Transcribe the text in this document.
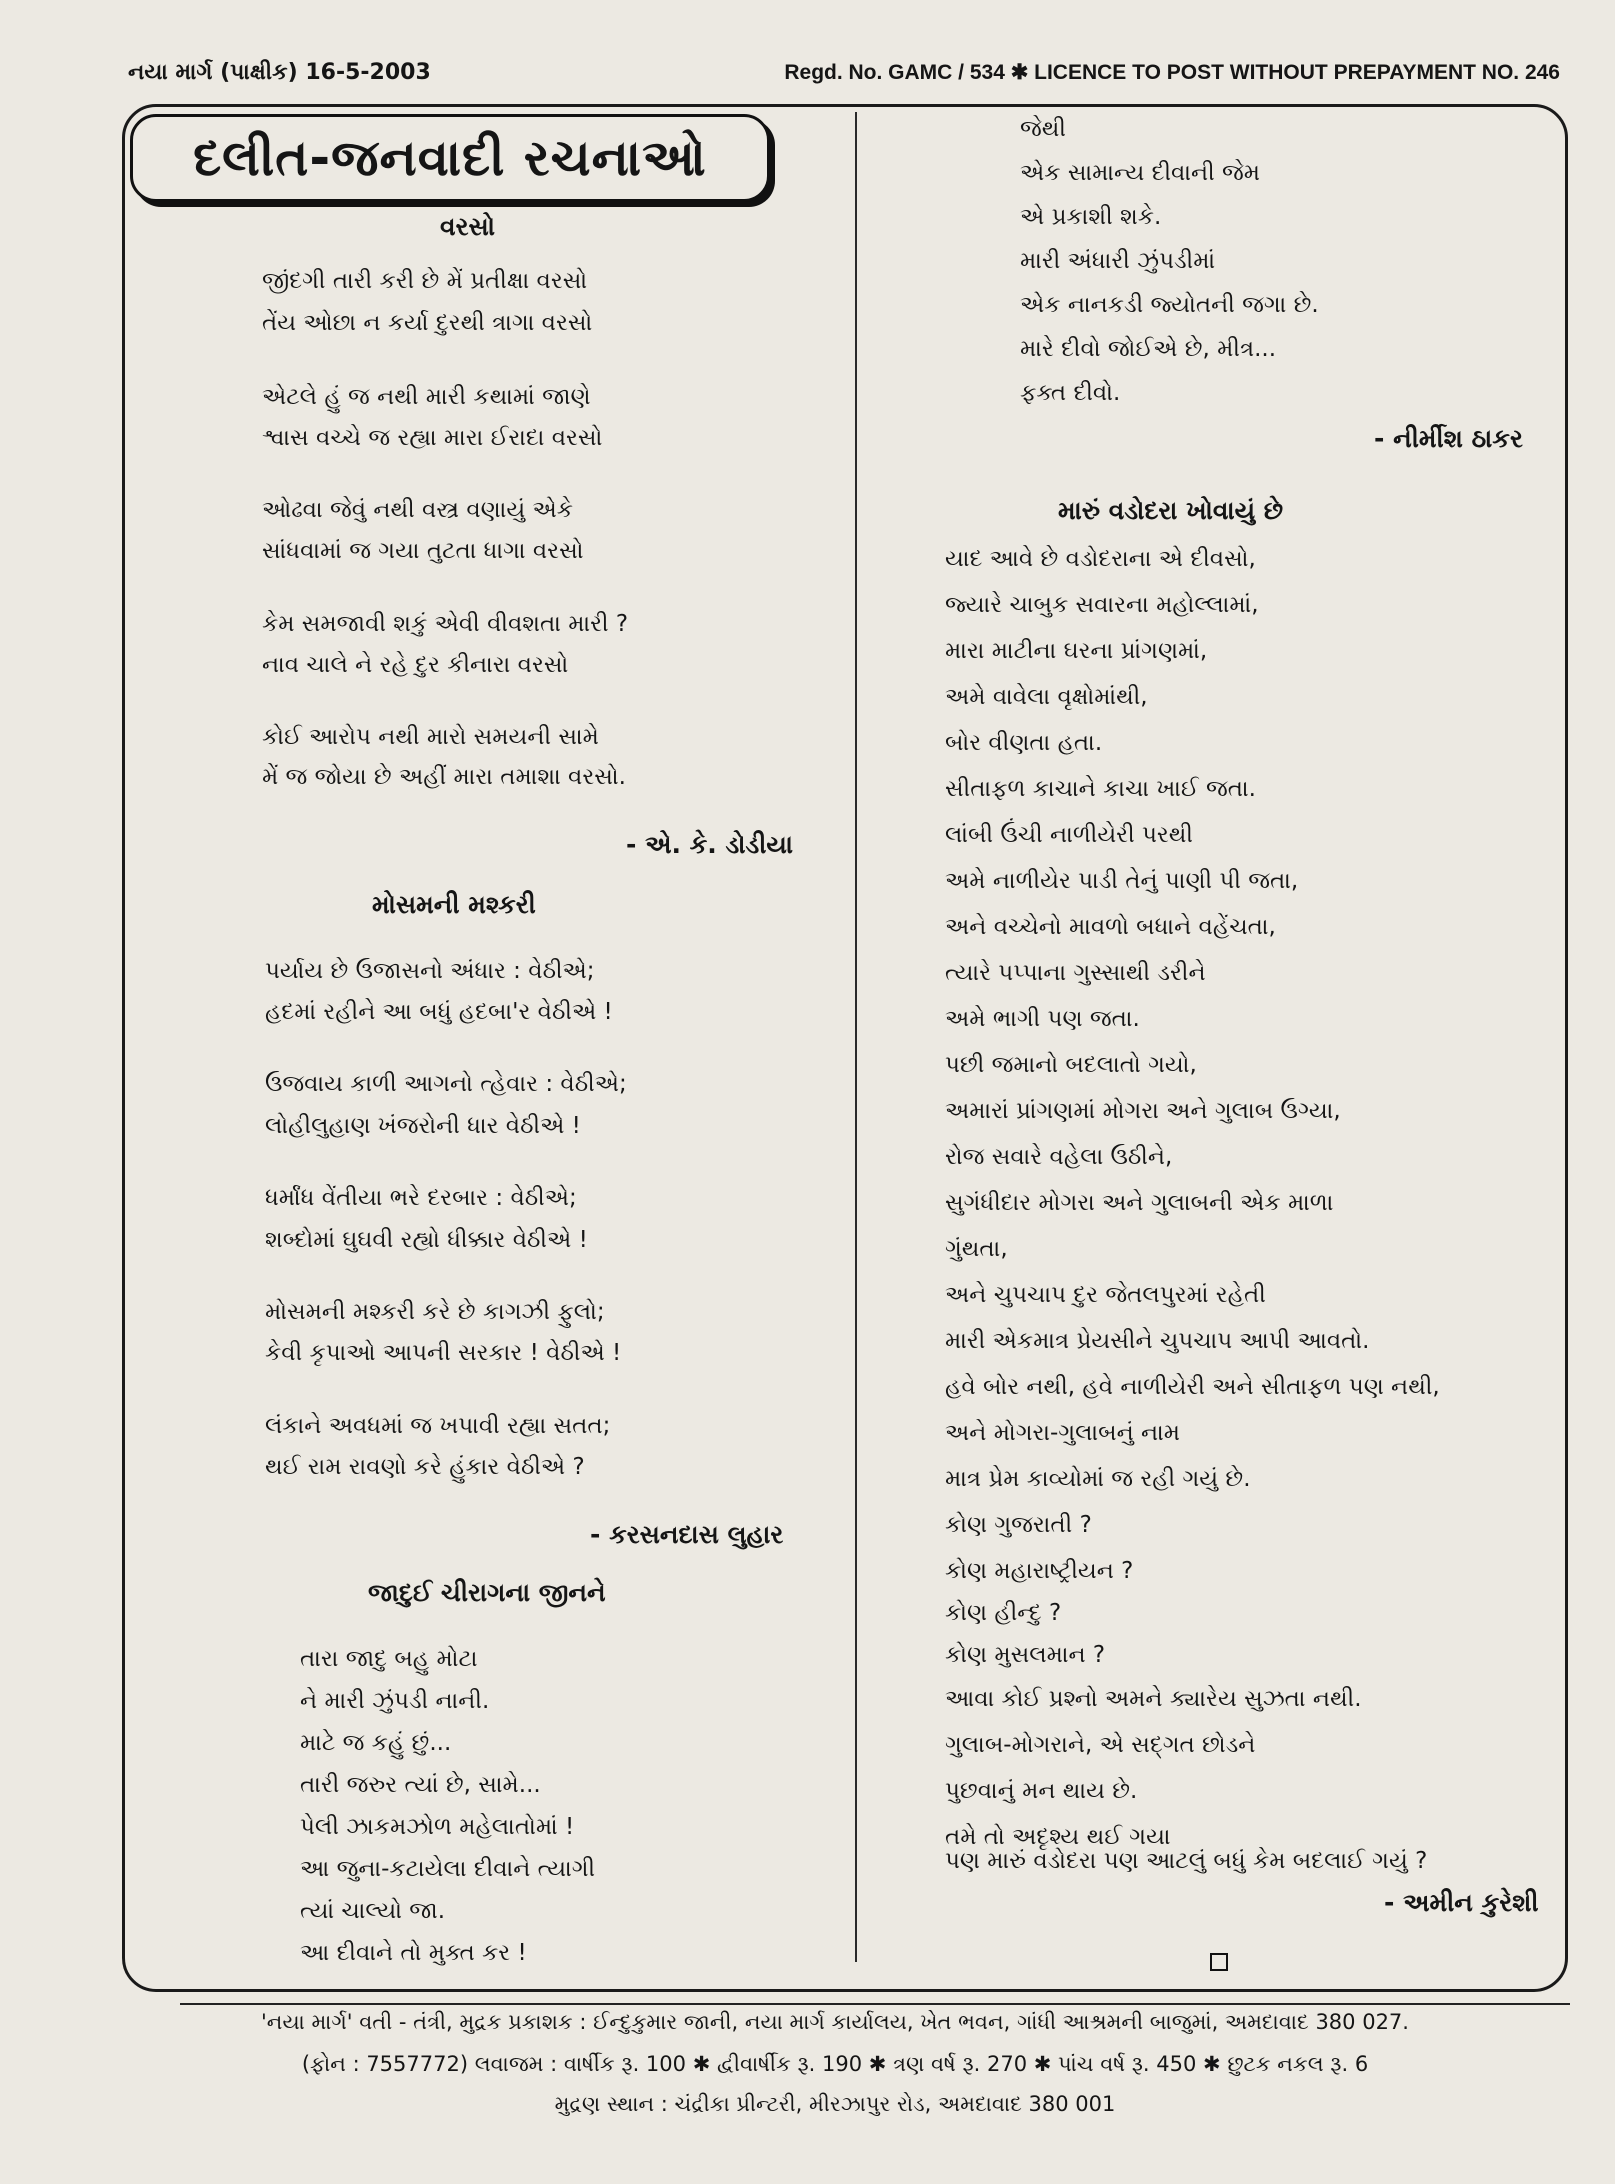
નયા માર્ગ (પાક્ષીક) 16-5-2003	Regd. No. GAMC / 534 ✱ LICENCE TO POST WITHOUT PREPAYMENT NO. 246
દલીત-જનવાદી રચનાઓ
વરસો
જીંદગી તારી કરી છે મેં પ્રતીક્ષા વરસો
તેંય ઓછા ન કર્યા દુરથી ત્રાગા વરસો
એટલે હું જ નથી મારી કથામાં જાણે
શ્વાસ વચ્ચે જ રહ્યા મારા ઈરાદા વરસો
ઓઢવા જેવું નથી વસ્ત્ર વણાયું એકે
સાંધવામાં જ ગયા તુટતા ધાગા વરસો
કેમ સમજાવી શકું એવી વીવશતા મારી ?
નાવ ચાલે ને રહે દુર કીનારા વરસો
કોઈ આરોપ નથી મારો સમયની સામે
મેં જ જોયા છે અહીં મારા તમાશા વરસો.
- એ. કે. ડોડીયા
મોસમની મશ્કરી
પર્યાય છે ઉજાસનો અંધાર : વેઠીએ;
હદમાં રહીને આ બધું હદબા'ર વેઠીએ !
ઉજવાય કાળી આગનો ત્હેવાર : વેઠીએ;
લોહીલુહાણ ખંજરોની ધાર વેઠીએ !
ધર્માંધ વેંતીયા ભરે દરબાર : વેઠીએ;
શબ્દોમાં ઘુઘવી રહ્યો ધીક્કાર વેઠીએ !
મોસમની મશ્કરી કરે છે કાગઝી ફુલો;
કેવી કૃપાઓ આપની સરકાર ! વેઠીએ !
લંકાને અવધમાં જ ખપાવી રહ્યા સતત;
થઈ રામ રાવણો કરે હુંકાર વેઠીએ ?
- કરસનદાસ લુહાર
જાદુઈ ચીરાગના જીનને
તારા જાદુ બહુ મોટા
ને મારી ઝુંપડી નાની.
માટે જ કહું છું...
તારી જરુર ત્યાં છે, સામે...
પેલી ઝાકમઝોળ મહેલાતોમાં !
આ જુના-કટાયેલા દીવાને ત્યાગી
ત્યાં ચાલ્યો જા.
આ દીવાને તો મુક્ત કર !
જેથી
એક સામાન્ય દીવાની જેમ
એ પ્રકાશી શકે.
મારી અંધારી ઝુંપડીમાં
એક નાનકડી જ્યોતની જગા છે.
મારે દીવો જોઈએ છે, મીત્ર...
ફક્ત દીવો.
- નીર્મીશ ઠાકર
મારું વડોદરા ખોવાયું છે
યાદ આવે છે વડોદરાના એ દીવસો,
જ્યારે ચાબુક સવારના મહોલ્લામાં,
મારા માટીના ઘરના પ્રાંગણમાં,
અમે વાવેલા વૃક્ષોમાંથી,
બોર વીણતા હતા.
સીતાફળ કાચાને કાચા ખાઈ જતા.
લાંબી ઉંચી નાળીયેરી પરથી
અમે નાળીયેર પાડી તેનું પાણી પી જતા,
અને વચ્ચેનો માવળો બધાને વહેંચતા,
ત્યારે પપ્પાના ગુસ્સાથી ડરીને
અમે ભાગી પણ જતા.
પછી જમાનો બદલાતો ગયો,
અમારાં પ્રાંગણમાં મોગરા અને ગુલાબ ઉગ્યા,
રોજ સવારે વહેલા ઉઠીને,
સુગંધીદાર મોગરા અને ગુલાબની એક માળા
ગુંથતા,
અને ચુપચાપ દુર જેતલપુરમાં રહેતી
મારી એકમાત્ર પ્રેયસીને ચુપચાપ આપી આવતો.
હવે બોર નથી, હવે નાળીયેરી અને સીતાફળ પણ નથી,
અને મોગરા-ગુલાબનું નામ
માત્ર પ્રેમ કાવ્યોમાં જ રહી ગયું છે.
કોણ ગુજરાતી ?
કોણ મહારાષ્ટ્રીયન ?
કોણ હીન્દુ ?
કોણ મુસલમાન ?
આવા કોઈ પ્રશ્નો અમને ક્યારેય સુઝતા નથી.
ગુલાબ-મોગરાને, એ સદ્ગત છોડને
પુછવાનું મન થાય છે.
તમે તો અદૃશ્ય થઈ ગયા
પણ મારું વડોદરા પણ આટલું બધું કેમ બદલાઈ ગયું ?
- અમીન કુરેશી
'નયા માર્ગ' વતી - તંત્રી, મુદ્રક પ્રકાશક : ઈન્દુકુમાર જાની, નયા માર્ગ કાર્યાલય, ખેત ભવન, ગાંધી આશ્રમની બાજુમાં, અમદાવાદ 380 027.
(ફોન : 7557772) લવાજમ : વાર્ષીક રૂ. 100 ✱ દ્વીવાર્ષીક રૂ. 190 ✱ ત્રણ વર્ષ રૂ. 270 ✱ પાંચ વર્ષ રૂ. 450 ✱ છુટક નકલ રૂ. 6
મુદ્રણ સ્થાન : ચંદ્રીકા પ્રીન્ટરી, મીરઝાપુર રોડ, અમદાવાદ 380 001
